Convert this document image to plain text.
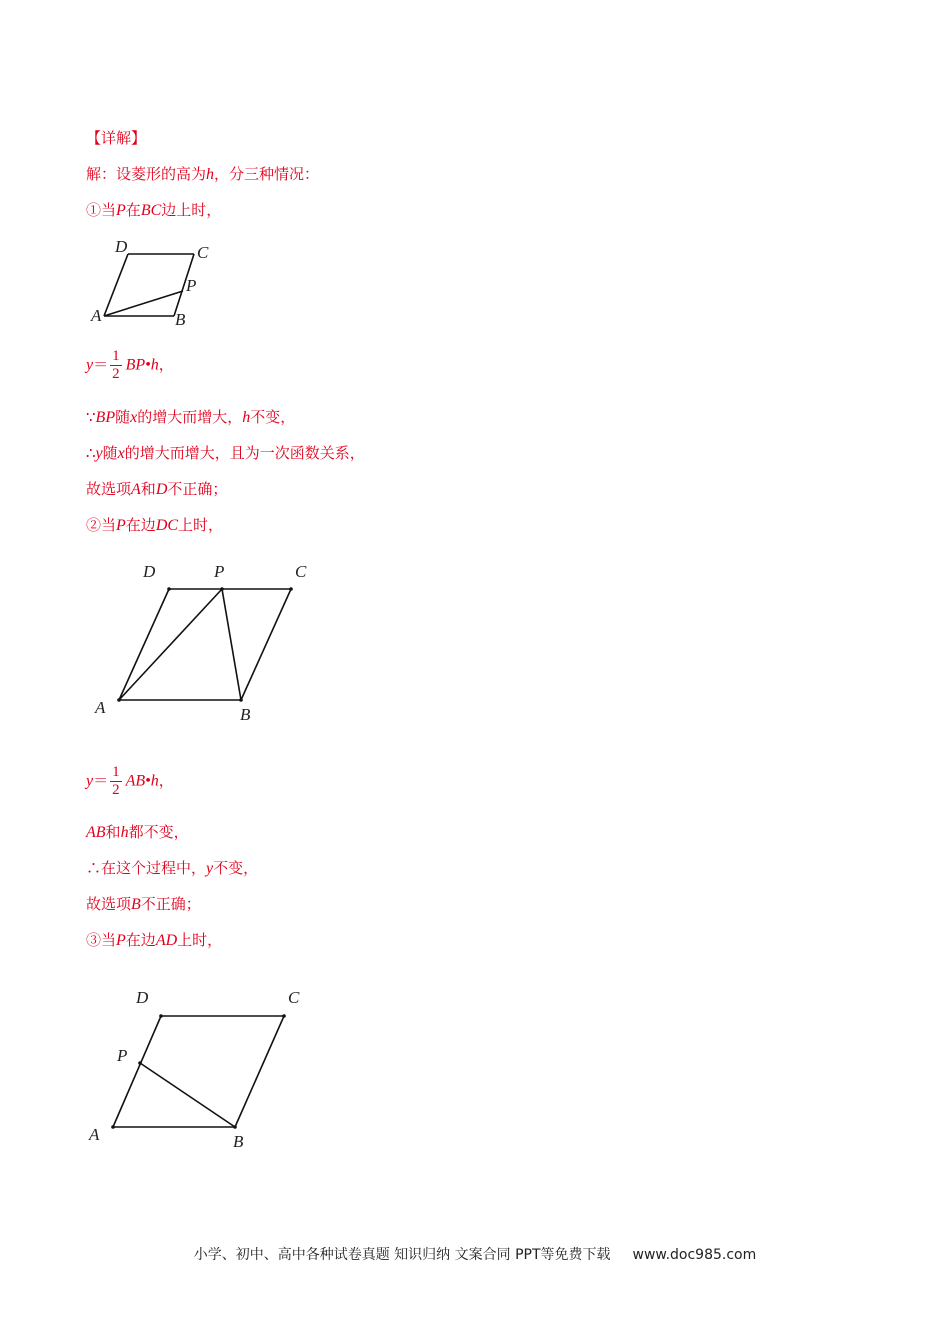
【详解】
解：设菱形的高为h，分三种情况：
①当P在BC边上时，
D	C
P
A	B
$y= \frac{1}{2}$ BP•h，
∵BP随x的增大而增大，h不变，
∴y随x的增大而增大，且为一次函数关系，
故选项A和D不正确；
②当P在边DC上时，
D	P	C
A	B
$y= \frac{1}{2}$ AB•h，
AB和h都不变，
∴在这个过程中，y不变，
故选项B不正确；
③当P在边AD上时，
D	C
P
A	B
小学、初中、高中各种试卷真题 知识归纳 文案合同 PPT等免费下载 www.doc985.com
